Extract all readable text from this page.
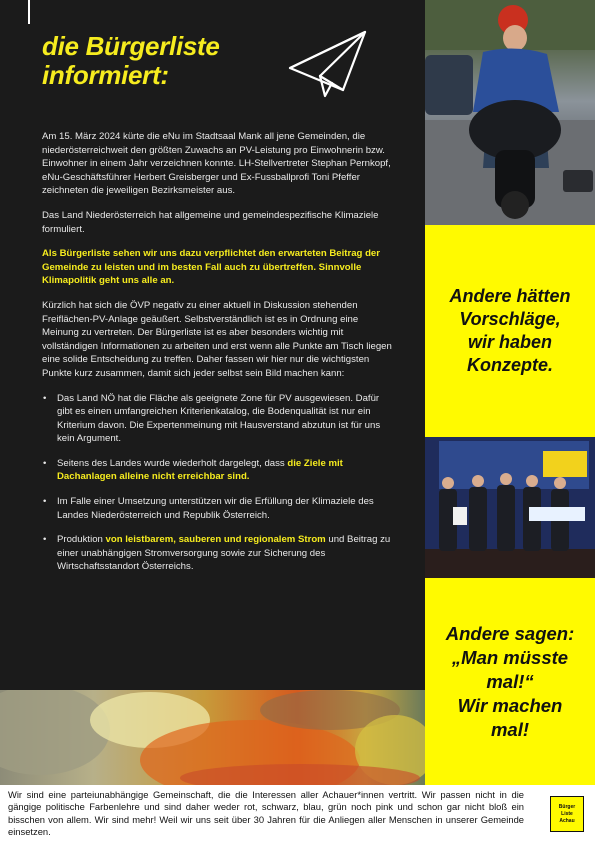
die Bürgerliste
informiert:

Am 15. März 2024 kürte die eNu im Stadtsaal Mank all jene Gemeinden, die niederösterreichweit den größten Zuwachs an PV-Leistung pro Einwohnerin bzw. Einwohner in einem Jahr verzeichnen konnte. LH-Stellvertreter Stephan Pernkopf, eNu-Geschäftsführer Herbert Greisberger und Ex-Fussballprofi Toni Pfeffer zeichneten die jeweiligen Bezirksmeister aus.

Das Land Niederösterreich hat allgemeine und gemeindespezifische Klimaziele formuliert.

Als Bürgerliste sehen wir uns dazu verpflichtet den erwarteten Beitrag der Gemeinde zu leisten und im besten Fall auch zu übertreffen. Sinnvolle Klimapolitik geht uns alle an.

Kürzlich hat sich die ÖVP negativ zu einer aktuell in Diskussion stehenden Freiflächen-PV-Anlage geäußert. Selbstverständlich ist es in Ordnung eine Meinung zu vertreten. Der Bürgerliste ist es aber besonders wichtig mit vollständigen Informationen zu arbeiten und erst wenn alle Punkte am Tisch liegen eine solide Entscheidung zu treffen. Daher fassen wir hier nur die wichtigsten Punkte kurz zusammen, damit sich jeder selbst sein Bild machen kann:

• Das Land NÖ hat die Fläche als geeignete Zone für PV ausgewiesen. Dafür gibt es einen umfangreichen Kriterienkatalog, die Bodenqualität ist nur ein Kriterium davon. Die Expertenmeinung mit Hausverstand abzutun ist für uns kein Argument.
• Seitens des Landes wurde wiederholt dargelegt, dass die Ziele mit Dachanlagen alleine nicht erreichbar sind.
• Im Falle einer Umsetzung unterstützen wir die Erfüllung der Klimaziele des Landes Niederösterreich und Republik Österreich.
• Produktion von leistbarem, sauberen und regionalem Strom und Beitrag zu einer unabhängigen Stromversorgung sowie zur Sicherung des Wirtschaftsstandort Österreichs.
Andere hätten
Vorschläge,
wir haben
Konzepte.
Andere sagen:
„Man müsste
mal!“
Wir machen
mal!

Wir sind eine parteiunabhängige Gemeinschaft, die die Interessen aller Achauer*innen vertritt. Wir passen nicht in die gängige politische Farbenlehre und sind daher weder rot, schwarz, blau, grün noch pink und schon gar nicht bloß ein bisschen von allem. Wir sind mehr! Weil wir uns seit über 30 Jahren für die Anliegen aller Menschen in unserer Gemeinde einsetzen.

Bürger
Liste
Achau
